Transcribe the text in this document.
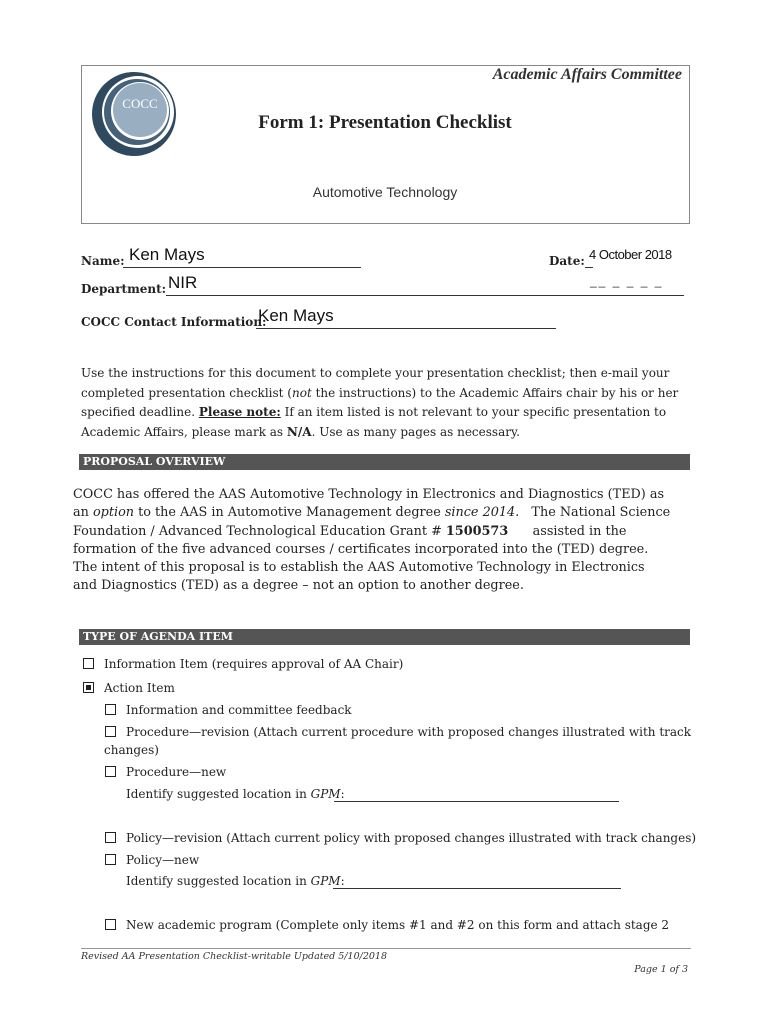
COCC
Academic Affairs Committee
Form 1: Presentation Checklist
Automotive Technology
Name: Ken Mays	Date: 4 October 2018
Department: NIR	__ _ _ _ _
COCC Contact Information:
Ken Mays
Use the instructions for this document to complete your presentation checklist; then e-mail your
completed presentation checklist (not the instructions) to the Academic Affairs chair by his or her
specified deadline. Please note: If an item listed is not relevant to your specific presentation to
Academic Affairs, please mark as N/A. Use as many pages as necessary.
PROPOSAL OVERVIEW
COCC has offered the AAS Automotive Technology in Electronics and Diagnostics (TED) as
an option to the AAS in Automotive Management degree since 2014.   The National Science
Foundation / Advanced Technological Education Grant # 1500573      assisted in the
formation of the five advanced courses / certificates incorporated into the (TED) degree.
The intent of this proposal is to establish the AAS Automotive Technology in Electronics
and Diagnostics (TED) as a degree – not an option to another degree.
TYPE OF AGENDA ITEM
Information Item (requires approval of AA Chair)
Action Item
Information and committee feedback
Procedure—revision (Attach current procedure with proposed changes illustrated with track
changes)
Procedure—new
Identify suggested location in GPM:
Policy—revision (Attach current policy with proposed changes illustrated with track changes)
Policy—new
Identify suggested location in GPM:
New academic program (Complete only items #1 and #2 on this form and attach stage 2
Revised AA Presentation Checklist-writable Updated 5/10/2018
Page 1 of 3
